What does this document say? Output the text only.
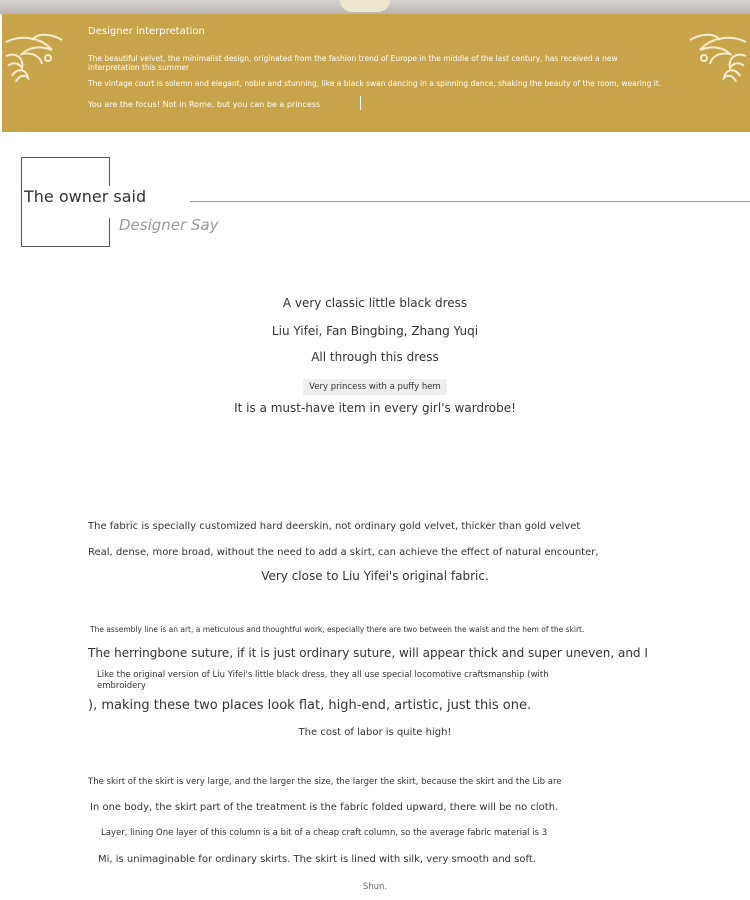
Designer interpretation
The beautiful velvet, the minimalist design, originated from the fashion trend of Europe in the middle of the last century, has received a new interpretation this summer
The vintage court is solemn and elegant, noble and stunning, like a black swan dancing in a spinning dance, shaking the beauty of the room, wearing it.
You are the focus! Not in Rome, but you can be a princess
The owner said
Designer Say
A very classic little black dress
Liu Yifei, Fan Bingbing, Zhang Yuqi
All through this dress
Very princess with a puffy hem
It is a must-have item in every girl's wardrobe!
The fabric is specially customized hard deerskin, not ordinary gold velvet, thicker than gold velvet
Real, dense, more broad, without the need to add a skirt, can achieve the effect of natural encounter,
Very close to Liu Yifei's original fabric.
The assembly line is an art, a meticulous and thoughtful work, especially there are two between the waist and the hem of the skirt.
The herringbone suture, if it is just ordinary suture, will appear thick and super uneven, and I
Like the original version of Liu Yifei's little black dress, they all use special locomotive craftsmanship (with embroidery
), making these two places look flat, high-end, artistic, just this one.
The cost of labor is quite high!
The skirt of the skirt is very large, and the larger the size, the larger the skirt, because the skirt and the Lib are
In one body, the skirt part of the treatment is the fabric folded upward, there will be no cloth.
Layer, lining One layer of this column is a bit of a cheap craft column, so the average fabric material is 3
Mi, is unimaginable for ordinary skirts. The skirt is lined with silk, very smooth and soft.
Shun.
